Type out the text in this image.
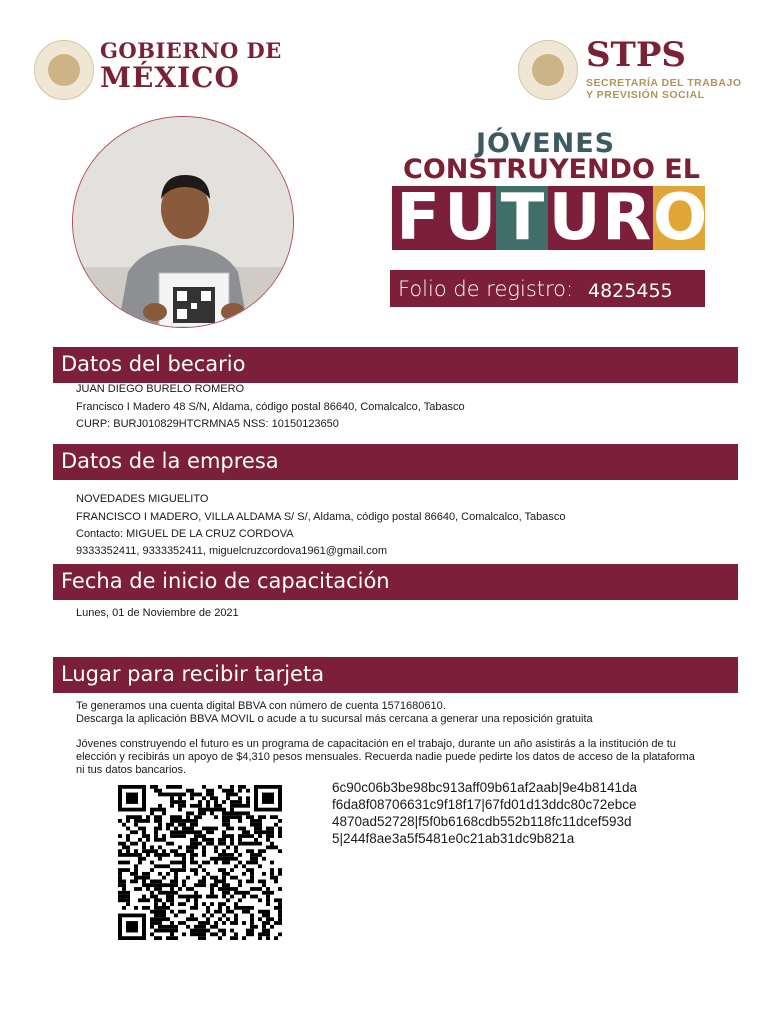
GOBIERNO DE
MÉXICO
STPS
SECRETARÍA DEL TRABAJO
Y PREVISIÓN SOCIAL
JÓVENES
CONSTRUYENDO EL
F U T U R O
Folio de registro: 4825455
Datos del becario
JUAN DIEGO BURELO ROMERO
Francisco I Madero 48 S/N, Aldama, código postal 86640, Comalcalco, Tabasco
CURP: BURJ010829HTCRMNA5 NSS: 10150123650
Datos de la empresa
NOVEDADES MIGUELITO
FRANCISCO I MADERO, VILLA ALDAMA S/ S/, Aldama, código postal 86640, Comalcalco, Tabasco
Contacto: MIGUEL DE LA CRUZ CORDOVA
9333352411, 9333352411, miguelcruzcordova1961@gmail.com
Fecha de inicio de capacitación
Lunes, 01 de Noviembre de 2021
Lugar para recibir tarjeta
Te generamos una cuenta digital BBVA con número de cuenta 1571680610.
Descarga la aplicación BBVA MOVIL o acude a tu sucursal más cercana a generar una reposición gratuita
Jóvenes construyendo el futuro es un programa de capacitación en el trabajo, durante un año asistirás a la institución de tu elección y recibirás un apoyo de $4,310 pesos mensuales. Recuerda nadie puede pedirte los datos de acceso de la plataforma ni tus datos bancarios.
6c90c06b3be98bc913aff09b61af2aab|9e4b8141da
f6da8f08706631c9f18f17|67fd01d13ddc80c72ebce
4870ad52728|f5f0b6168cdb552b118fc11dcef593d
5|244f8ae3a5f5481e0c21ab31dc9b821a
